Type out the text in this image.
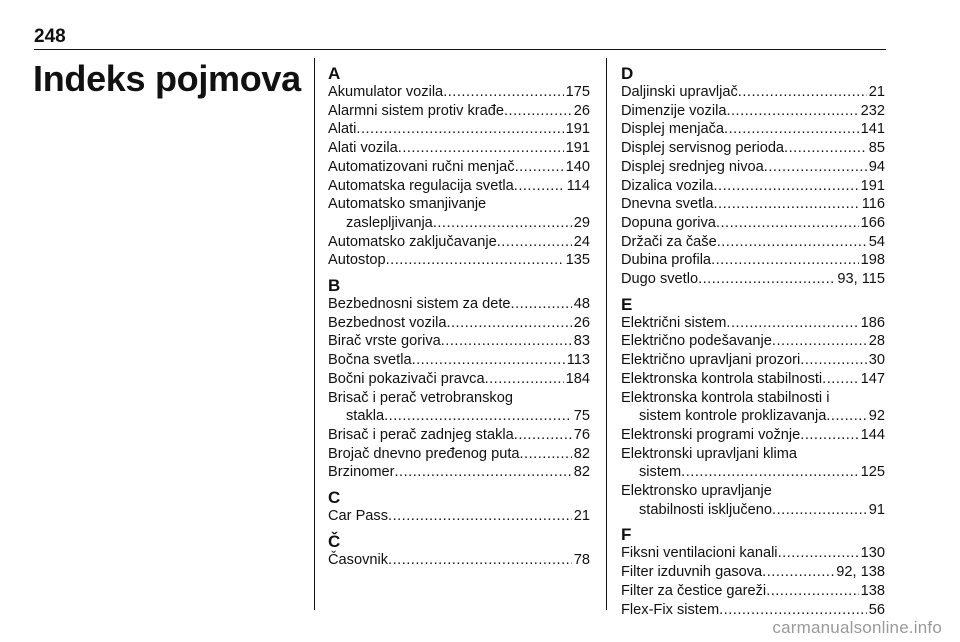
248
Indeks pojmova A
Akumulator vozila .....	175
Alarmni sistem protiv krađe .....	26
Alati .....	191
Alati vozila .....	191
Automatizovani ručni menjač .....	140
Automatska regulacija svetla .....	114
Automatsko smanjivanje
zaslepljivanja .....	29
Automatsko zaključavanje .....	24
Autostop .....	135
B
Bezbednosni sistem za dete .....	48
Bezbednost vozila .....	26
Birač vrste goriva .....	83
Bočna svetla .....	113
Bočni pokazivači pravca .....	184
Brisač i perač vetrobranskog
stakla .....	75
Brisač i perač zadnjeg stakla .....	76
Brojač dnevno pređenog puta .....	82
Brzinomer .....	82
C
Car Pass .....	21
Č
Časovnik .....	78
D
Daljinski upravljač .....	21
Dimenzije vozila .....	232
Displej menjača .....	141
Displej servisnog perioda .....	85
Displej srednjeg nivoa .....	94
Dizalica vozila .....	191
Dnevna svetla .....	116
Dopuna goriva .....	166
Držači za čaše .....	54
Dubina profila .....	198
Dugo svetlo .....	93, 115
E
Električni sistem .....	186
Električno podešavanje .....	28
Električno upravljani prozori .....	30
Elektronska kontrola stabilnosti .....	147
Elektronska kontrola stabilnosti i
sistem kontrole proklizavanja .....	92
Elektronski programi vožnje .....	144
Elektronski upravljani klima
sistem .....	125
Elektronsko upravljanje
stabilnosti isključeno .....	91
F
Fiksni ventilacioni kanali .....	130
Filter izduvnih gasova .....	92, 138
Filter za čestice gareži .....	138
Flex-Fix sistem .....	56
carmanualsonline.info
